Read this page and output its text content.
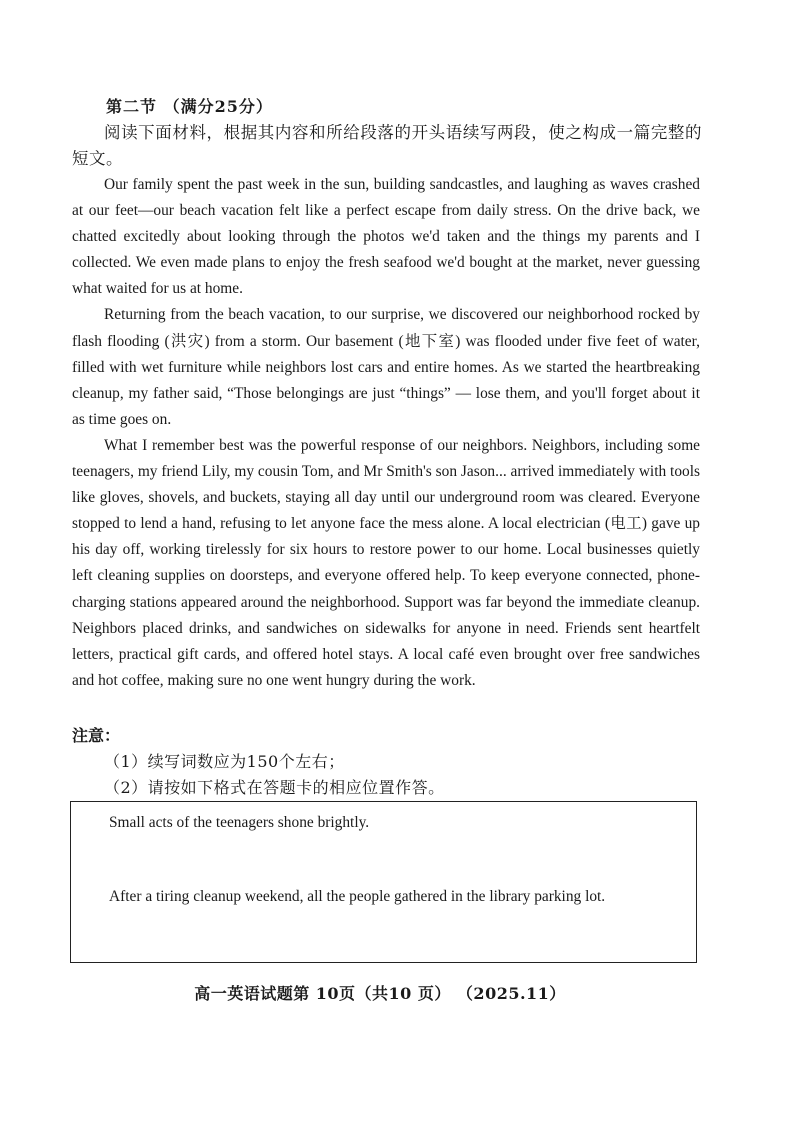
第二节 （满分25分）
阅读下面材料，根据其内容和所给段落的开头语续写两段，使之构成一篇完整的短文。

Our family spent the past week in the sun, building sandcastles, and laughing as waves crashed at our feet—our beach vacation felt like a perfect escape from daily stress. On the drive back, we chatted excitedly about looking through the photos we'd taken and the things my parents and I collected. We even made plans to enjoy the fresh seafood we'd bought at the market, never guessing what waited for us at home.

Returning from the beach vacation, to our surprise, we discovered our neighborhood rocked by flash flooding (洪灾) from a storm. Our basement (地下室) was flooded under five feet of water, filled with wet furniture while neighbors lost cars and entire homes. As we started the heartbreaking cleanup, my father said, “Those belongings are just “things” — lose them, and you'll forget about it as time goes on.

What I remember best was the powerful response of our neighbors. Neighbors, including some teenagers, my friend Lily, my cousin Tom, and Mr Smith's son Jason... arrived immediately with tools like gloves, shovels, and buckets, staying all day until our underground room was cleared. Everyone stopped to lend a hand, refusing to let anyone face the mess alone. A local electrician (电工) gave up his day off, working tirelessly for six hours to restore power to our home. Local businesses quietly left cleaning supplies on doorsteps, and everyone offered help. To keep everyone connected, phone-charging stations appeared around the neighborhood. Support was far beyond the immediate cleanup. Neighbors placed drinks, and sandwiches on sidewalks for anyone in need. Friends sent heartfelt letters, practical gift cards, and offered hotel stays. A local café even brought over free sandwiches and hot coffee, making sure no one went hungry during the work.

注意：
（1）续写词数应为150个左右；
（2）请按如下格式在答题卡的相应位置作答。
Small acts of the teenagers shone brightly.
After a tiring cleanup weekend, all the people gathered in the library parking lot.
高一英语试题第 10页（共10 页） （2025.11）
